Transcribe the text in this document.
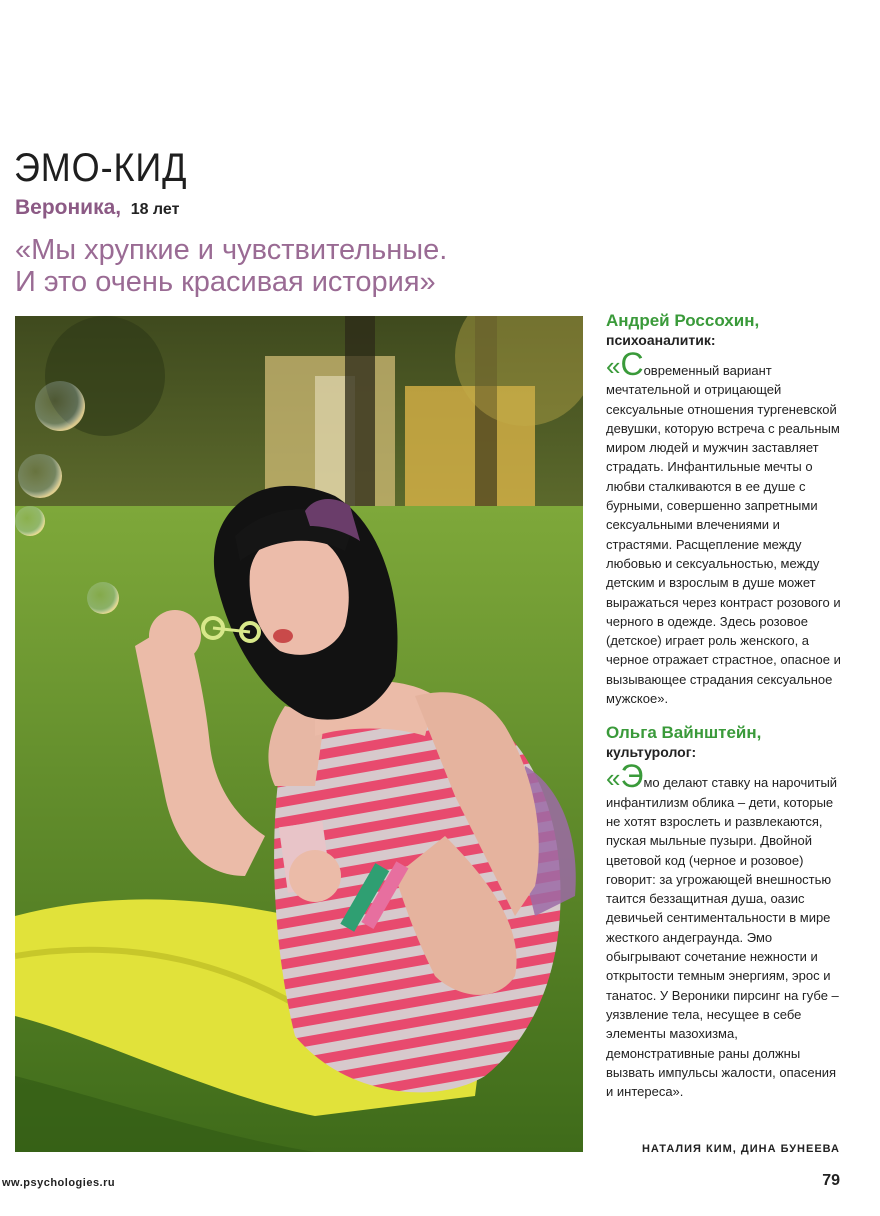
ЭМО-КИД

Вероника, 18 лет

«Мы хрупкие и чувствительные.
И это очень красивая история»

Андрей Россохин,

психоаналитик:

«Современный вариант мечтательной и отрицающей сексуальные отношения тургеневской девушки, которую встреча с реальным миром людей и мужчин заставляет страдать. Инфантильные мечты о любви сталкиваются в ее душе с бурными, совершенно запретными сексуальными влечениями и страстями. Расщепление между любовью и сексуальностью, между детским и взрослым в душе может выражаться через контраст розового и черного в одежде. Здесь розовое (детское) играет роль женского, а черное отражает страстное, опасное и вызывающее страдания сексуальное мужское».

Ольга Вайнштейн,

культуролог:

«Эмо делают ставку на нарочитый инфантилизм облика – дети, которые не хотят взрослеть и развлекаются, пуская мыльные пузыри. Двойной цветовой код (черное и розовое) говорит: за угрожающей внешностью таится беззащитная душа, оазис девичьей сентиментальности в мире жесткого андеграунда. Эмо обыгрывают сочетание нежности и открытости темным энергиям, эрос и танатос. У Вероники пирсинг на губе – уязвление тела, несущее в себе элементы мазохизма, демонстративные раны должны вызвать импульсы жалости, опасения и интереса».

НАТАЛИЯ КИМ, ДИНА БУНЕЕВА
ww.psychologies.ru	79
